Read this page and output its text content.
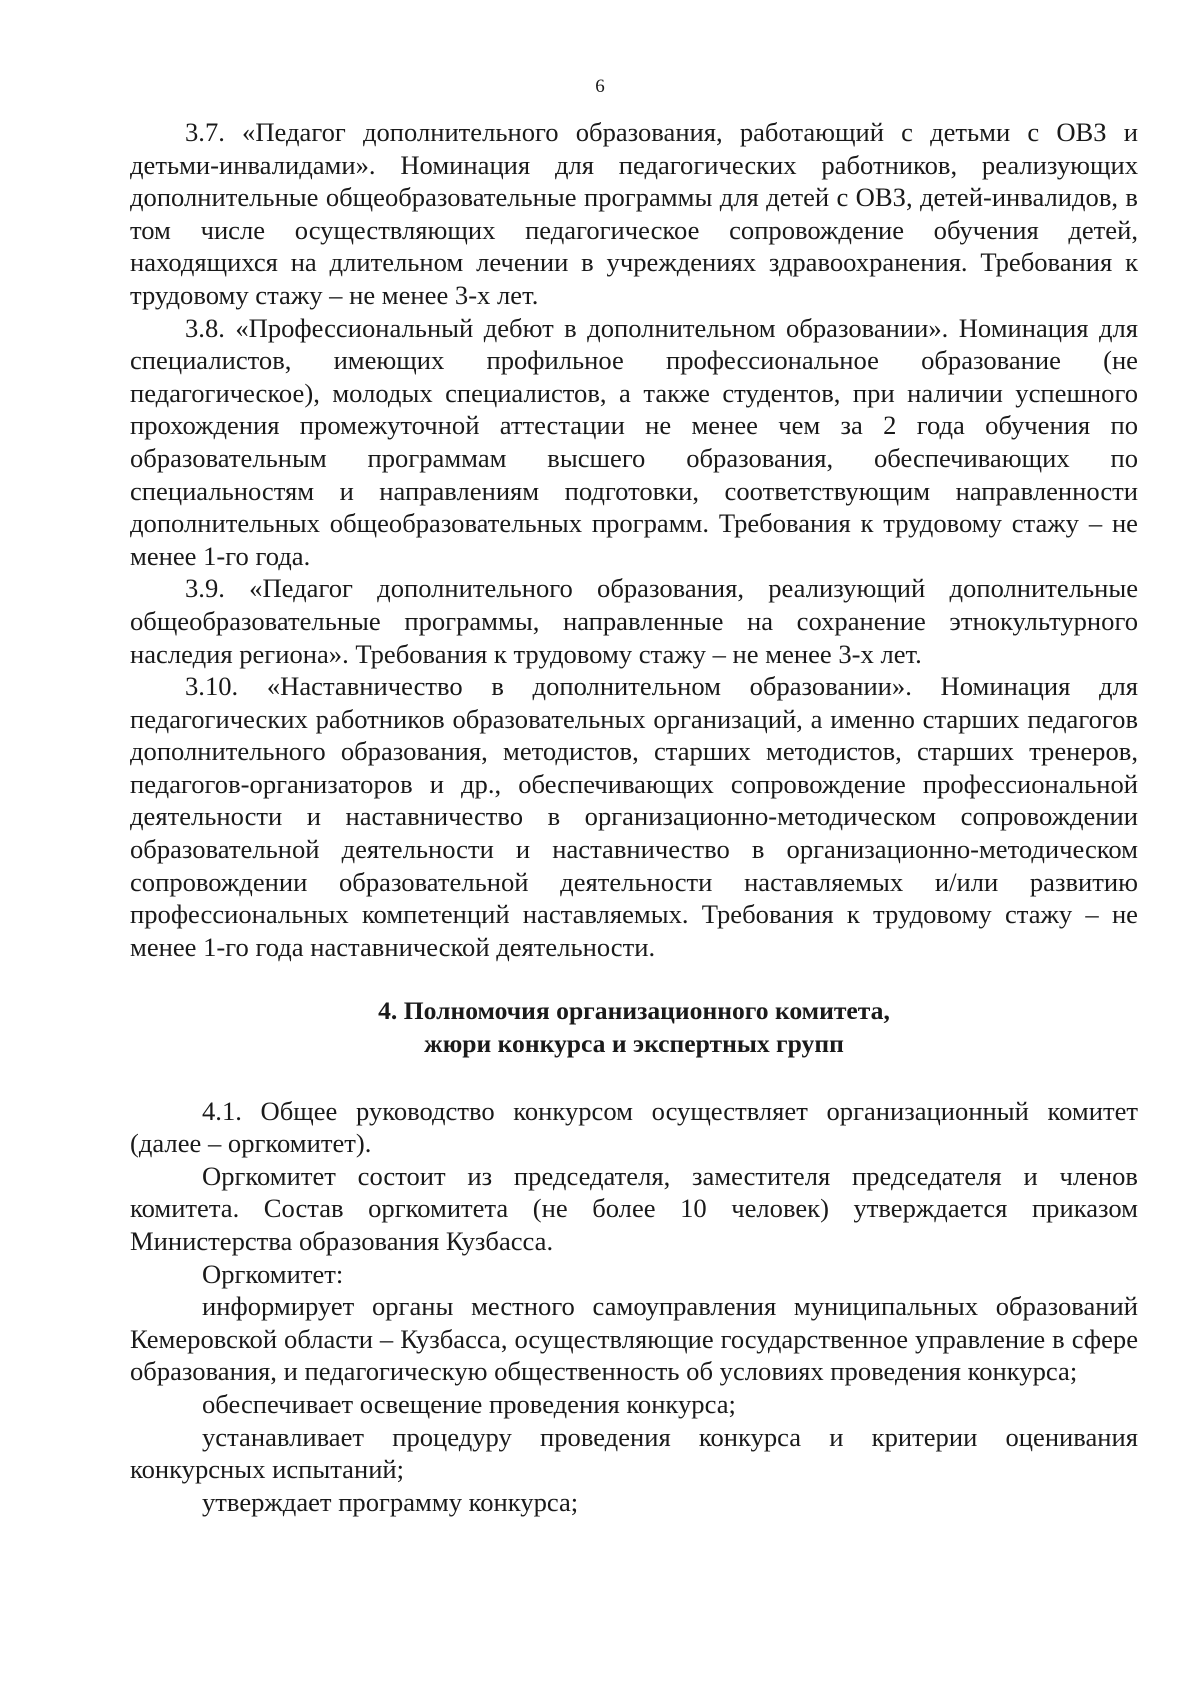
6

3.7. «Педагог дополнительного образования, работающий с детьми с ОВЗ и детьми-инвалидами». Номинация для педагогических работников, реализующих дополнительные общеобразовательные программы для детей с ОВЗ, детей-инвалидов, в том числе осуществляющих педагогическое сопровождение обучения детей, находящихся на длительном лечении в учреждениях здравоохранения. Требования к трудовому стажу – не менее 3-х лет.

3.8. «Профессиональный дебют в дополнительном образовании». Номинация для специалистов, имеющих профильное профессиональное образование (не педагогическое), молодых специалистов, а также студентов, при наличии успешного прохождения промежуточной аттестации не менее чем за 2 года обучения по образовательным программам высшего образования, обеспечивающих по специальностям и направлениям подготовки, соответствующим направленности дополнительных общеобразовательных программ. Требования к трудовому стажу – не менее 1-го года.

3.9. «Педагог дополнительного образования, реализующий дополнительные общеобразовательные программы, направленные на сохранение этнокультурного наследия региона». Требования к трудовому стажу – не менее 3-х лет.

3.10. «Наставничество в дополнительном образовании». Номинация для педагогических работников образовательных организаций, а именно старших педагогов дополнительного образования, методистов, старших методистов, старших тренеров, педагогов-организаторов и др., обеспечивающих сопровождение профессиональной деятельности и наставничество в организационно-методическом сопровождении образовательной деятельности и наставничество в организационно-методическом сопровождении образовательной деятельности наставляемых и/или развитию профессиональных компетенций наставляемых. Требования к трудовому стажу – не менее 1-го года наставнической деятельности.

4. Полномочия организационного комитета,
жюри конкурса и экспертных групп

4.1. Общее руководство конкурсом осуществляет организационный комитет (далее – оргкомитет).

Оргкомитет состоит из председателя, заместителя председателя и членов комитета. Состав оргкомитета (не более 10 человек) утверждается приказом Министерства образования Кузбасса.

Оргкомитет:

информирует органы местного самоуправления муниципальных образований Кемеровской области – Кузбасса, осуществляющие государственное управление в сфере образования, и педагогическую общественность об условиях проведения конкурса;

обеспечивает освещение проведения конкурса;

устанавливает процедуру проведения конкурса и критерии оценивания конкурсных испытаний;

утверждает программу конкурса;
